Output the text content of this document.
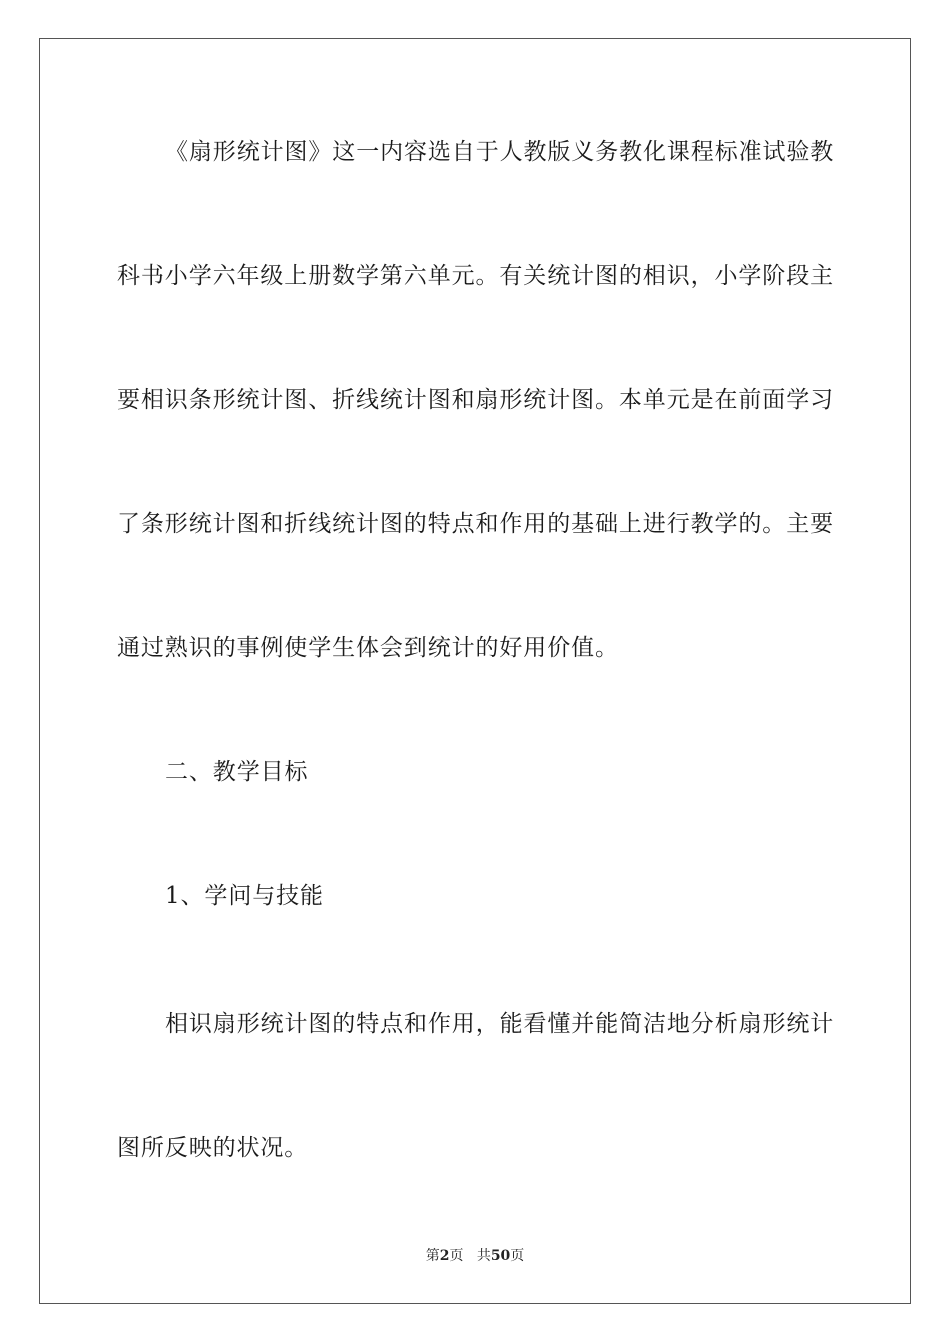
《扇形统计图》这一内容选自于人教版义务教化课程标准试验教
科书小学六年级上册数学第六单元。有关统计图的相识，小学阶段主
要相识条形统计图、折线统计图和扇形统计图。本单元是在前面学习
了条形统计图和折线统计图的特点和作用的基础上进行教学的。主要
通过熟识的事例使学生体会到统计的好用价值。
二、教学目标
1、学问与技能
相识扇形统计图的特点和作用，能看懂并能简洁地分析扇形统计
图所反映的状况。
第2页 共50页
